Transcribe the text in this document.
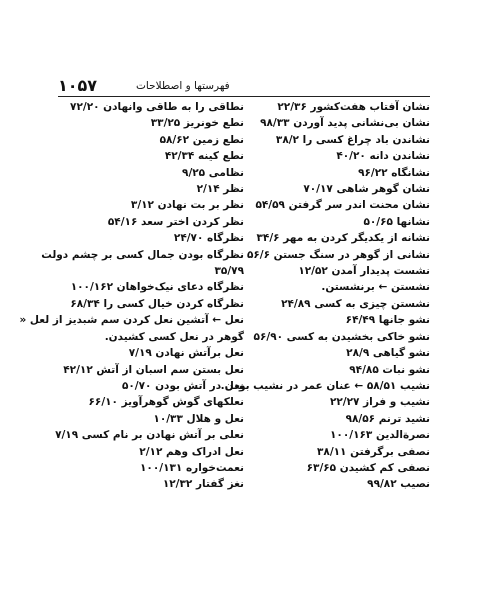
۱۰۵۷	فهرستها و اصطلاحات
نشان آفتاب هفت‌کشور ۲۲/۳۶
نشان بی‌نشانی پدید آوردن ۹۸/۳۳
نشاندن باد چراغ کسی را ۳۸/۲
نشاندن دانه ۴۰/۲۰
نشانگاه ۹۶/۲۲
نشان گوهر شاهی ۷۰/۱۷
نشان محنت اندر سر گرفتن ۵۴/۵۹
نشانها ۵۰/۶۵
نشانه از یکدیگر کردن به مهر ۳۴/۶
نشانی از گوهر در سنگ جستن ۵۶/۶
نشست پدیدار آمدن ۱۲/۵۲
نشستن ← برنشستن.
نشستن چیزی به کسی ۲۴/۸۹
نشو جانها ۶۴/۴۹
نشو خاکی بخشیدن به کسی ۵۶/۹۰
نشو گیاهی ۲۸/۹
نشو نبات ۹۴/۸۵
نشیب ۵۸/۵۱ ← عنان عمر در نشیب بودن.
نشیب و فراز ۲۲/۲۷
نشید ترنم ۹۸/۵۶
نصرةالدین ۱۰۰/۱۶۳
نصفی برگرفتن ۳۸/۱۱
نصفی کم کشیدن ۶۳/۶۵
نصیب ۹۹/۸۲
نطاقی را به طاقی وانهادن ۷۲/۲۰
نطع خونریز ۳۳/۲۵
نطع زمین ۵۸/۶۲
نطع کینه ۴۲/۳۴
نظامی ۹/۲۵
نظر ۲/۱۴
نظر بر بت نهادن ۳/۱۲
نظر کردن اختر سعد ۵۴/۱۶
نظرگاه ۲۴/۷۰
نظرگاه بودن جمال کسی بر چشم دولت
۳۵/۷۹
نظرگاه دعای نیک‌خواهان ۱۰۰/۱۶۲
نظرگاه کردن خیال کسی را ۶۸/۳۴
نعل ← آتشین نعل کردن سم شبدیز از لعل «
گوهر در نعل کسی کشیدن.
نعل برآتش نهادن ۷/۱۹
نعل بستن سم اسبان از آتش ۴۲/۱۲
نعل در آتش بودن ۵۰/۷۰
نعلکهای گوش گوهرآویز ۶۶/۱۰
نعل و هلال ۱۰/۳۳
نعلی بر آتش نهادن بر نام کسی ۷/۱۹
نعل ادراک وهم ۲/۱۲
نعمت‌خواره ۱۰۰/۱۳۱
نغز گفتار ۱۲/۳۲
